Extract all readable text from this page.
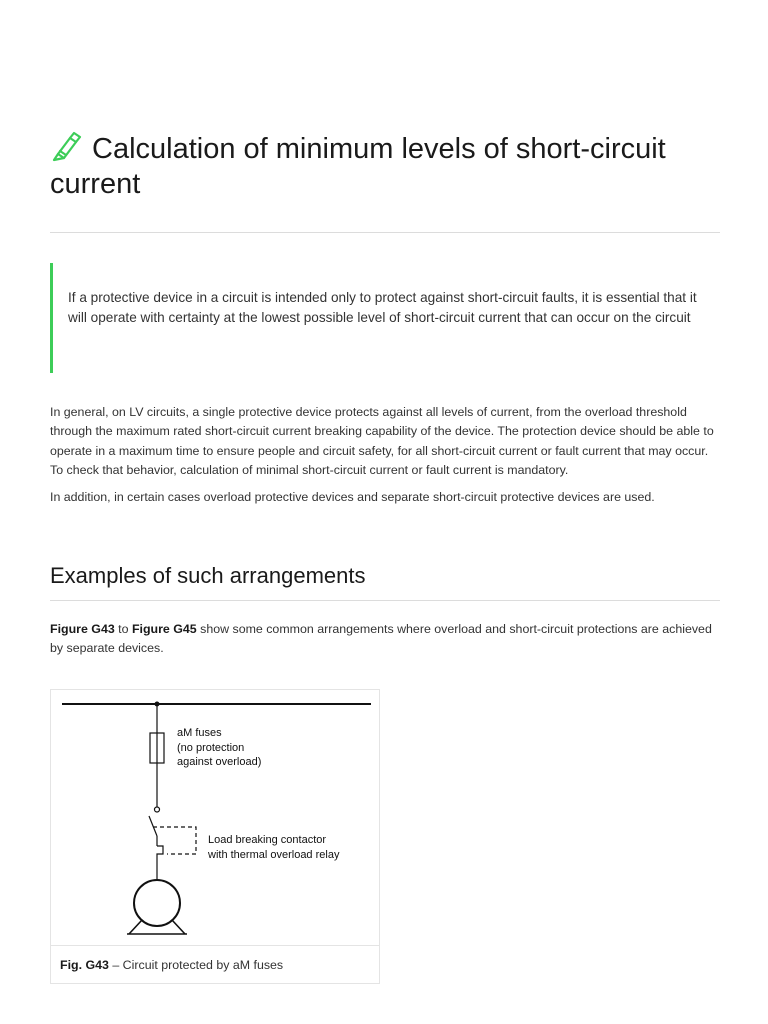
Calculation of minimum levels of short-circuit current
If a protective device in a circuit is intended only to protect against short-circuit faults, it is essential that it will operate with certainty at the lowest possible level of short-circuit current that can occur on the circuit

In general, on LV circuits, a single protective device protects against all levels of current, from the overload threshold through the maximum rated short-circuit current breaking capability of the device. The protection device should be able to operate in a maximum time to ensure people and circuit safety, for all short-circuit current or fault current that may occur. To check that behavior, calculation of minimal short-circuit current or fault current is mandatory.

In addition, in certain cases overload protective devices and separate short-circuit protective devices are used.

Examples of such arrangements

Figure G43 to Figure G45 show some common arrangements where overload and short-circuit protections are achieved by separate devices.

aM fuses
(no protection
against overload)
Load breaking contactor
with thermal overload relay
Fig. G43 – Circuit protected by aM fuses
